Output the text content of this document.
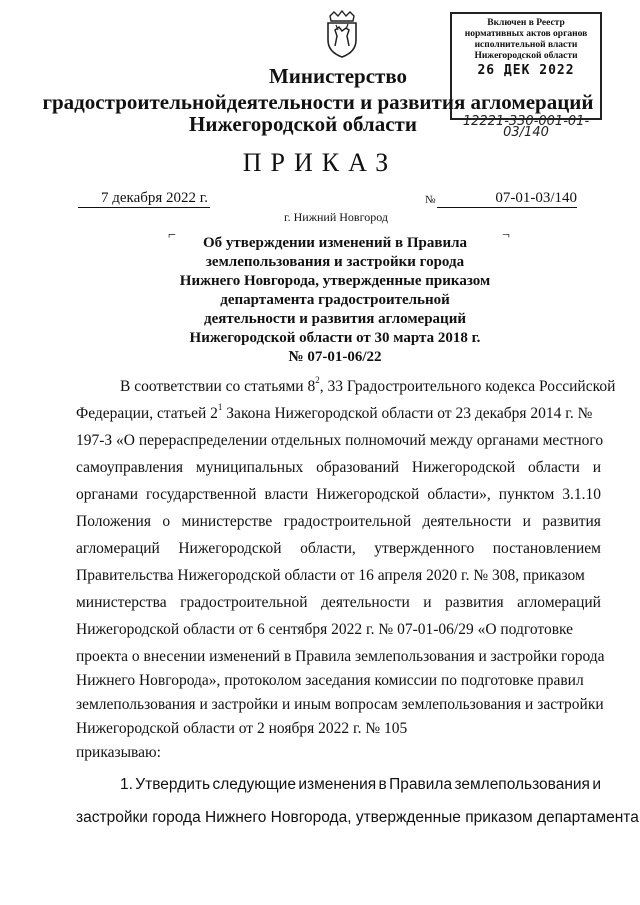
Включен в Реестр
нормативных актов органов
исполнительной власти
Нижегородской области
26 ДЕК 2022
12221-330-001-01-03/140
Министерство
градостроительнойдеятельности и развития агломераций
Нижегородской области
ПРИКАЗ
7 декабря 2022 г.	№	07-01-03/140
г. Нижний Новгород
⌐	¬
Об утверждении изменений в Правила
землепользования и застройки города
Нижнего Новгорода, утвержденные приказом
департамента градостроительной
деятельности и развития агломераций
Нижегородской области от 30 марта 2018 г.
№ 07-01-06/22
В соответствии со статьями $8^2$, 33 Градостроительного кодекса Российской
Федерации, статьей $2^1$ Закона Нижегородской области от 23 декабря 2014 г. №
197-З «О перераспределении отдельных полномочий между органами местного
самоуправления муниципальных образований Нижегородской области и
органами государственной власти Нижегородской области», пунктом 3.1.10
Положения о министерстве градостроительной деятельности и развития
агломераций Нижегородской области, утвержденного постановлением
Правительства Нижегородской области от 16 апреля 2020 г. № 308, приказом
министерства градостроительной деятельности и развития агломераций
Нижегородской области от 6 сентября 2022 г. № 07-01-06/29 «О подготовке
проекта о внесении изменений в Правила землепользования и застройки города
Нижнего Новгорода», протоколом заседания комиссии по подготовке правил
землепользования и застройки и иным вопросам землепользования и застройки
Нижегородской области от 2 ноября 2022 г. № 105
приказываю:
1. Утвердить следующие изменения в Правила землепользования и
застройки города Нижнего Новгорода, утвержденные приказом департамента
